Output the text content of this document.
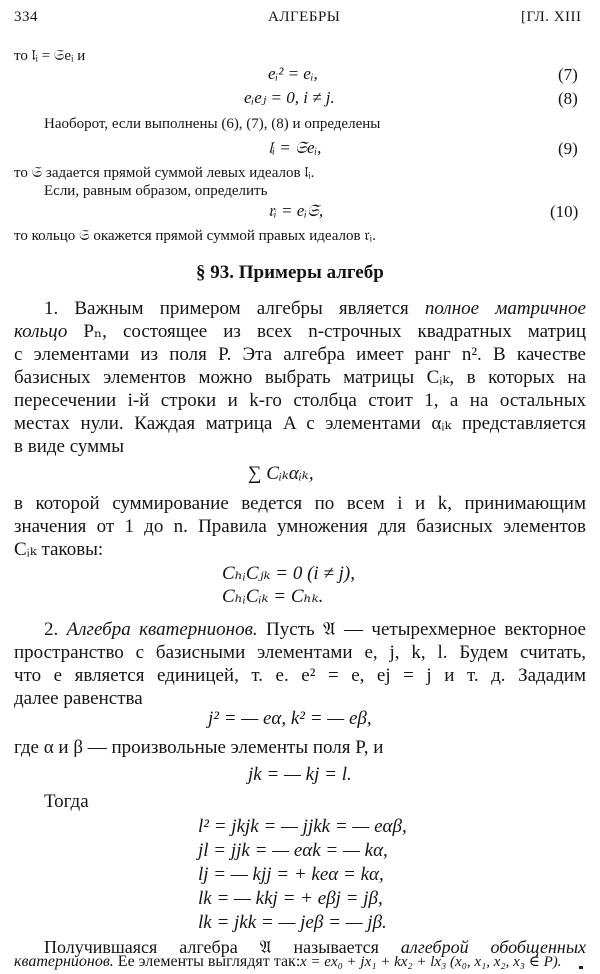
334	АЛГЕБРЫ	[ГЛ. XIII
то 𝔩ᵢ = 𝔖eᵢ и
eᵢ² = eᵢ,	(7)
eᵢeⱼ = 0, i ≠ j.	(8)
Наоборот, если выполнены (6), (7), (8) и определены
𝔩ᵢ = 𝔖eᵢ,	(9)
то 𝔖 задается прямой суммой левых идеалов 𝔩ᵢ.
Если, равным образом, определить
𝔯ᵢ = eᵢ𝔖,	(10)
то кольцо 𝔖 окажется прямой суммой правых идеалов 𝔯ᵢ.
§ 93. Примеры алгебр
1. Важным примером алгебры является полное матричное
кольцо Pₙ, состоящее из всех n-строчных квадратных матриц
с элементами из поля P. Эта алгебра имеет ранг n². В качестве
базисных элементов можно выбрать матрицы Cᵢₖ, в которых на
пересечении i-й строки и k-го столбца стоит 1, а на остальных
местах нули. Каждая матрица A с элементами αᵢₖ представляется
в виде суммы
∑ Cᵢₖαᵢₖ,
в которой суммирование ведется по всем i и k, принимающим
значения от 1 до n. Правила умножения для базисных элементов
Cᵢₖ таковы:
CₕᵢCⱼₖ = 0 (i ≠ j),
CₕᵢCᵢₖ = Cₕₖ.
2. Алгебра кватернионов. Пусть 𝔄 — четырехмерное векторное
пространство с базисными элементами e, j, k, l. Будем считать,
что e является единицей, т. е. e² = e, ej = j и т. д. Зададим
далее равенства
j² = — eα, k² = — eβ,
где α и β — произвольные элементы поля P, и
jk = — kj = l.
Тогда
l² = jkjk = — jjkk = — eαβ,
jl = jjk = — eαk = — kα,
lj = — kjj = + keα = kα,
lk = — kkj = + eβj = jβ,
lk = jkk = — jeβ = — jβ.
Получившаяся алгебра 𝔄 называется алгеброй обобщенных
кватернионов. Ее элементы выглядят так: x = ex₀ + jx₁ + kx₂ + lx₃ (x₀, x₁, x₂, x₃ ∈ P).
